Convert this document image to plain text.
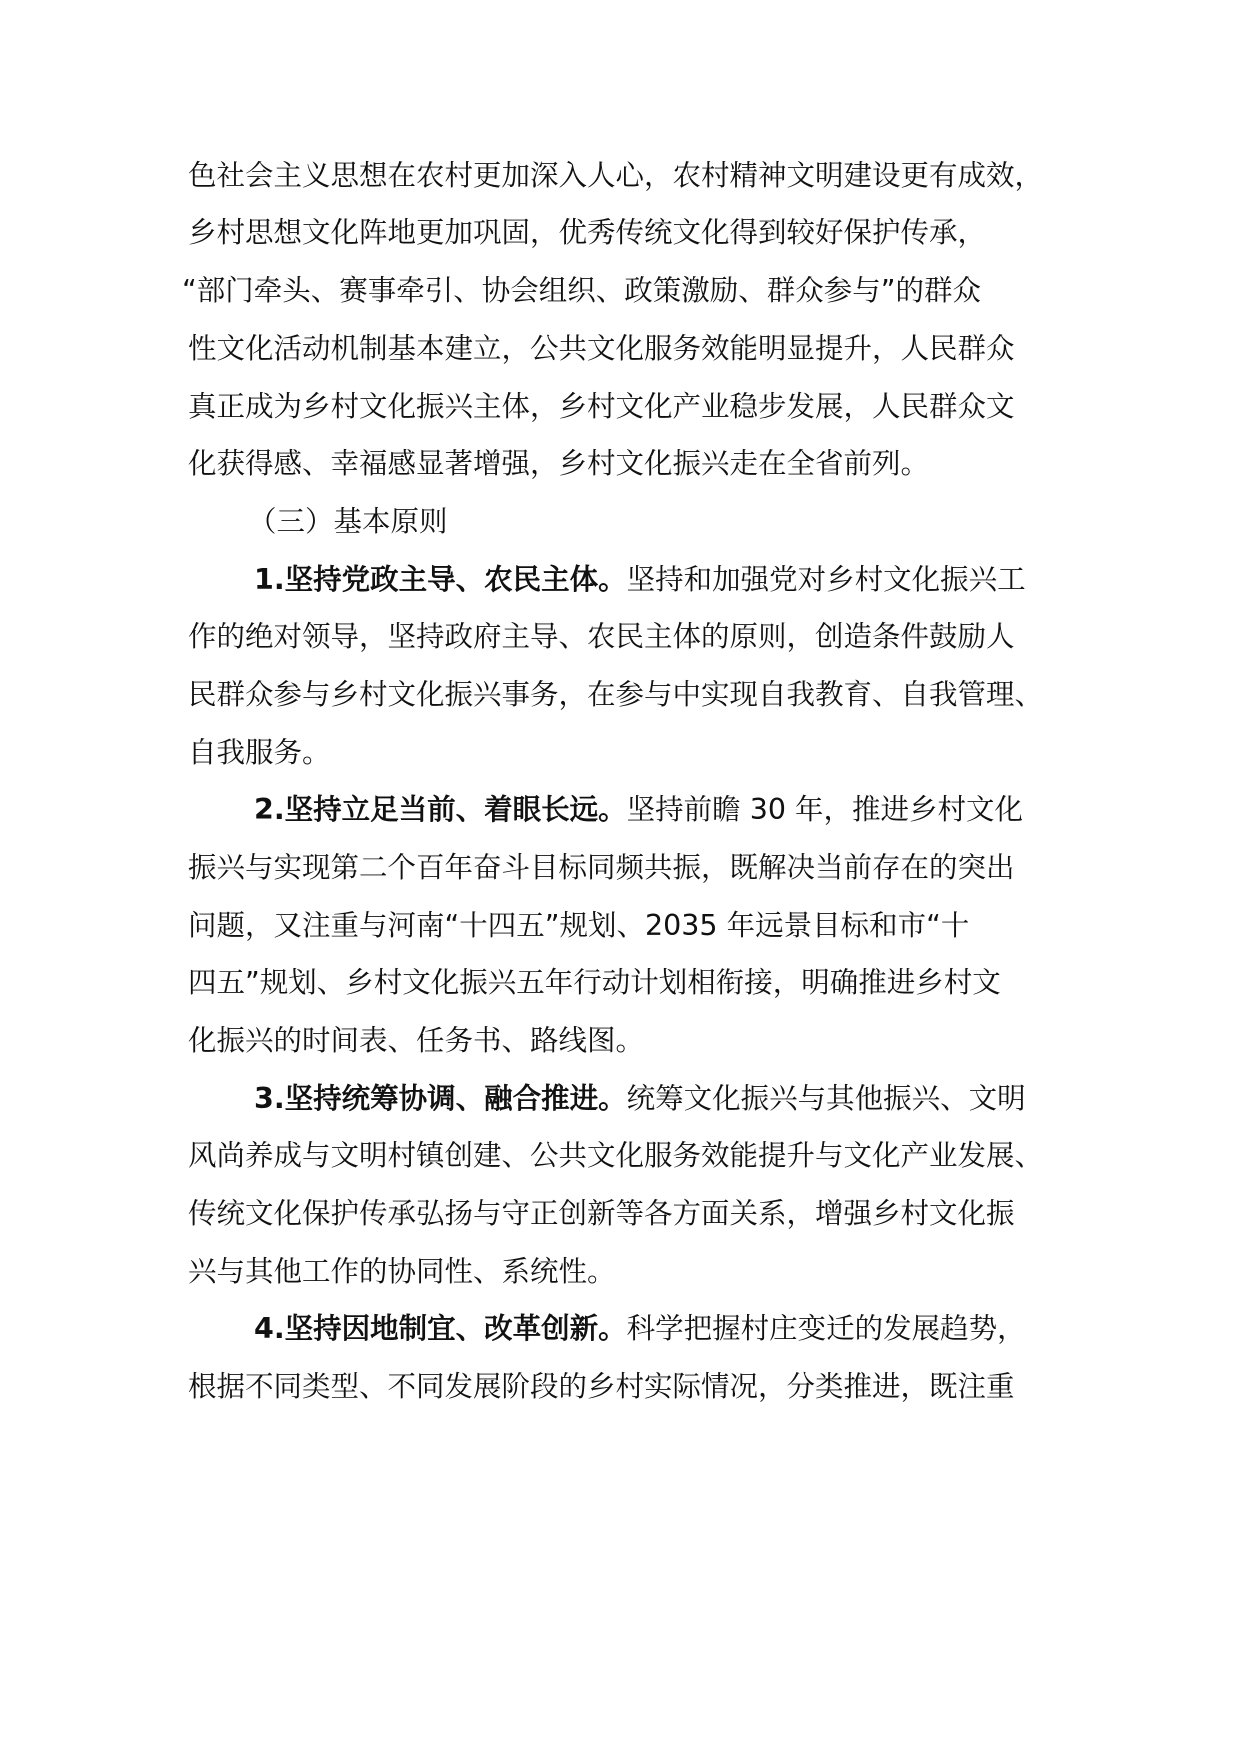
色社会主义思想在农村更加深入人心，农村精神文明建设更有成效，
乡村思想文化阵地更加巩固，优秀传统文化得到较好保护传承，
“部门牵头、赛事牵引、协会组织、政策激励、群众参与”的群众
性文化活动机制基本建立，公共文化服务效能明显提升，人民群众
真正成为乡村文化振兴主体，乡村文化产业稳步发展，人民群众文
化获得感、幸福感显著增强，乡村文化振兴走在全省前列。
（三）基本原则
1.坚持党政主导、农民主体。坚持和加强党对乡村文化振兴工
作的绝对领导，坚持政府主导、农民主体的原则，创造条件鼓励人
民群众参与乡村文化振兴事务，在参与中实现自我教育、自我管理、
自我服务。
2.坚持立足当前、着眼长远。坚持前瞻 30 年，推进乡村文化
振兴与实现第二个百年奋斗目标同频共振，既解决当前存在的突出
问题，又注重与河南“十四五”规划、2035 年远景目标和市“十
四五”规划、乡村文化振兴五年行动计划相衔接，明确推进乡村文
化振兴的时间表、任务书、路线图。
3.坚持统筹协调、融合推进。统筹文化振兴与其他振兴、文明
风尚养成与文明村镇创建、公共文化服务效能提升与文化产业发展、
传统文化保护传承弘扬与守正创新等各方面关系，增强乡村文化振
兴与其他工作的协同性、系统性。
4.坚持因地制宜、改革创新。科学把握村庄变迁的发展趋势，
根据不同类型、不同发展阶段的乡村实际情况，分类推进，既注重
